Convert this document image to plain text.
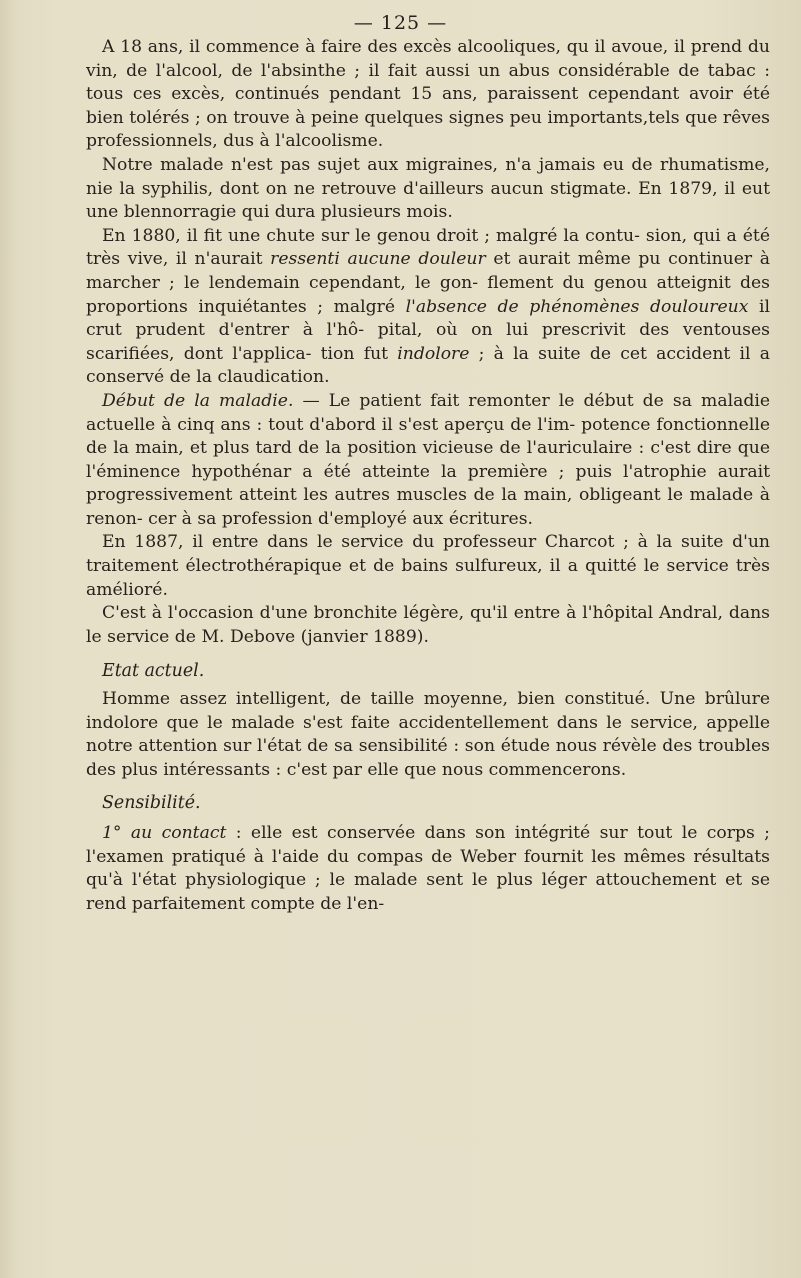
— 125 —

A 18 ans, il commence à faire des excès alcooliques, qu il avoue, il prend du vin, de l'alcool, de l'absinthe ; il fait aussi un abus considérable de tabac : tous ces excès, continués pendant 15 ans, paraissent cependant avoir été bien tolérés ; on trouve à peine quelques signes peu importants,tels que rêves professionnels, dus à l'alcoolisme.

Notre malade n'est pas sujet aux migraines, n'a jamais eu de rhumatisme, nie la syphilis, dont on ne retrouve d'ailleurs aucun stigmate. En 1879, il eut une blennorragie qui dura plusieurs mois.

En 1880, il fit une chute sur le genou droit ; malgré la contu- sion, qui a été très vive, il n'aurait ressenti aucune douleur et aurait même pu continuer à marcher ; le lendemain cependant, le gon- flement du genou atteignit des proportions inquiétantes ; malgré l'absence de phénomènes douloureux il crut prudent d'entrer à l'hô- pital, où on lui prescrivit des ventouses scarifiées, dont l'applica- tion fut indolore ; à la suite de cet accident il a conservé de la claudication.

Début de la maladie. — Le patient fait remonter le début de sa maladie actuelle à cinq ans : tout d'abord il s'est aperçu de l'im- potence fonctionnelle de la main, et plus tard de la position vicieuse de l'auriculaire : c'est dire que l'éminence hypothénar a été atteinte la première ; puis l'atrophie aurait progressivement atteint les autres muscles de la main, obligeant le malade à renon- cer à sa profession d'employé aux écritures.

En 1887, il entre dans le service du professeur Charcot ; à la suite d'un traitement électrothérapique et de bains sulfureux, il a quitté le service très amélioré.

C'est à l'occasion d'une bronchite légère, qu'il entre à l'hôpital Andral, dans le service de M. Debove (janvier 1889).

Etat actuel.

Homme assez intelligent, de taille moyenne, bien constitué. Une brûlure indolore que le malade s'est faite accidentellement dans le service, appelle notre attention sur l'état de sa sensibilité : son étude nous révèle des troubles des plus intéressants : c'est par elle que nous commencerons.

Sensibilité.

1° au contact : elle est conservée dans son intégrité sur tout le corps ; l'examen pratiqué à l'aide du compas de Weber fournit les mêmes résultats qu'à l'état physiologique ; le malade sent le plus léger attouchement et se rend parfaitement compte de l'en-
